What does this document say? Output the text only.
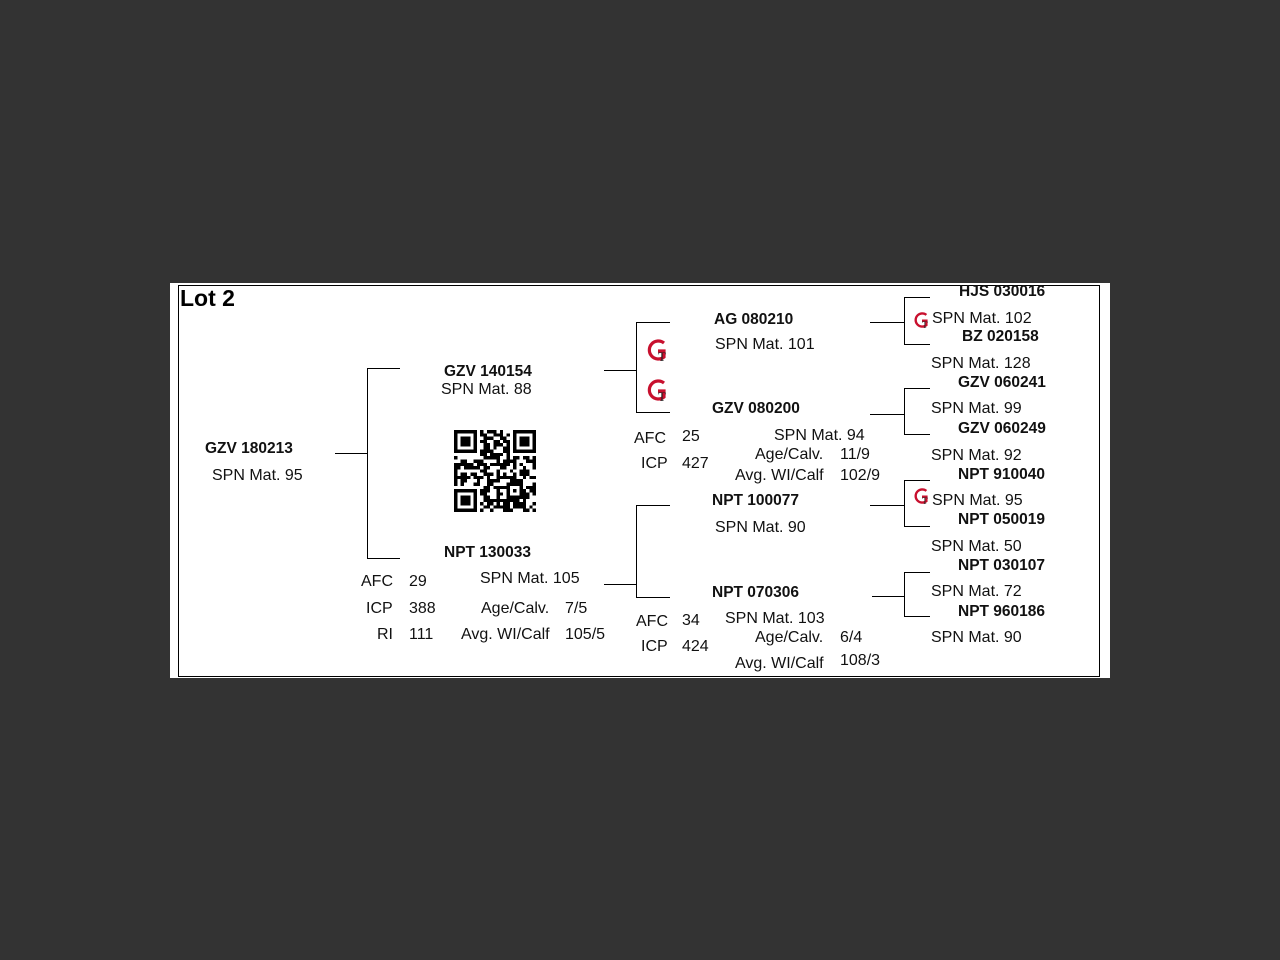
Lot 2
GZV 180213
SPN Mat. 95
GZV 140154
SPN Mat. 88
NPT 130033
SPN Mat. 105
AFC 29
ICP 388
RI 111
Age/Calv. 7/5
Avg. WI/Calf 105/5
AG 080210
SPN Mat. 101
GZV 080200
SPN Mat. 94
AFC 25
ICP 427
Age/Calv. 11/9
Avg. WI/Calf 102/9
NPT 100077
SPN Mat. 90
NPT 070306
SPN Mat. 103
AFC 34
ICP 424
Age/Calv. 6/4
Avg. WI/Calf 108/3
HJS 030016
SPN Mat. 102
BZ 020158
SPN Mat. 128
GZV 060241
SPN Mat. 99
GZV 060249
SPN Mat. 92
NPT 910040
SPN Mat. 95
NPT 050019
SPN Mat. 50
NPT 030107
SPN Mat. 72
NPT 960186
SPN Mat. 90
T
T
T
T
